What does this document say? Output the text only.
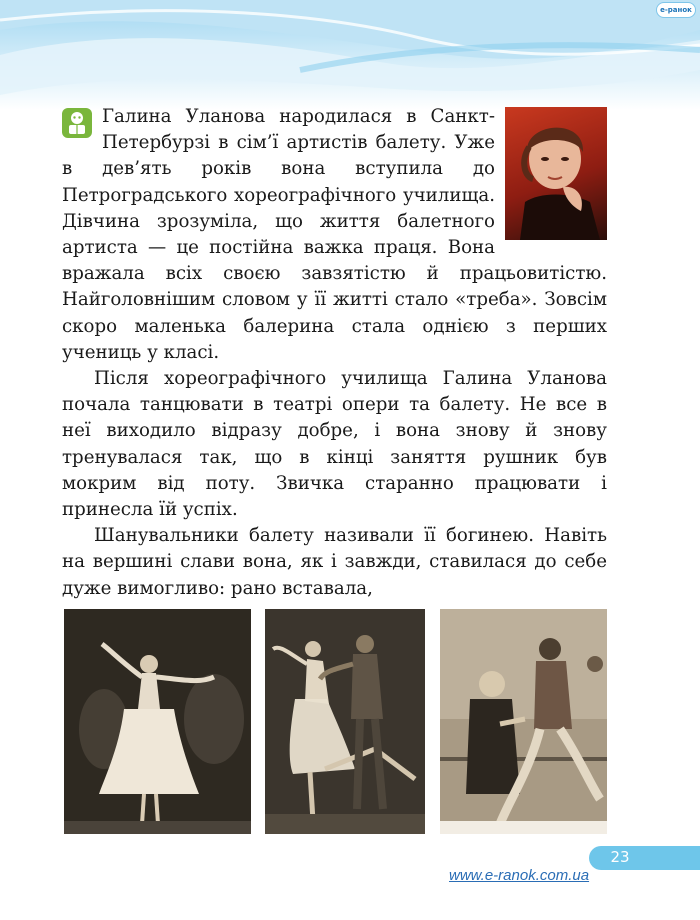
e-ранок

Галина Уланова народилася в Санкт-Петербурзі в сім’ї артистів балету. Уже в дев’ять років вона вступила до Петроградського хореографічного училища. Дівчина зрозуміла, що життя балетного артиста — це постійна важка праця. Вона вражала всіх своєю завзятістю й працьовитістю. Найголовнішим словом у її житті стало «треба». Зовсім скоро маленька балерина стала однією з перших учениць у класі.

Після хореографічного училища Галина Уланова почала танцювати в театрі опери та балету. Не все в неї виходило відразу добре, і вона знову й знову тренувалася так, що в кінці заняття рушник був мокрим від поту. Звичка старанно працювати і принесла їй успіх.

Шанувальники балету називали її богинею. Навіть на вершині слави вона, як і завжди, ставилася до себе дуже вимогливо: рано вставала,

23
www.e-ranok.com.ua
